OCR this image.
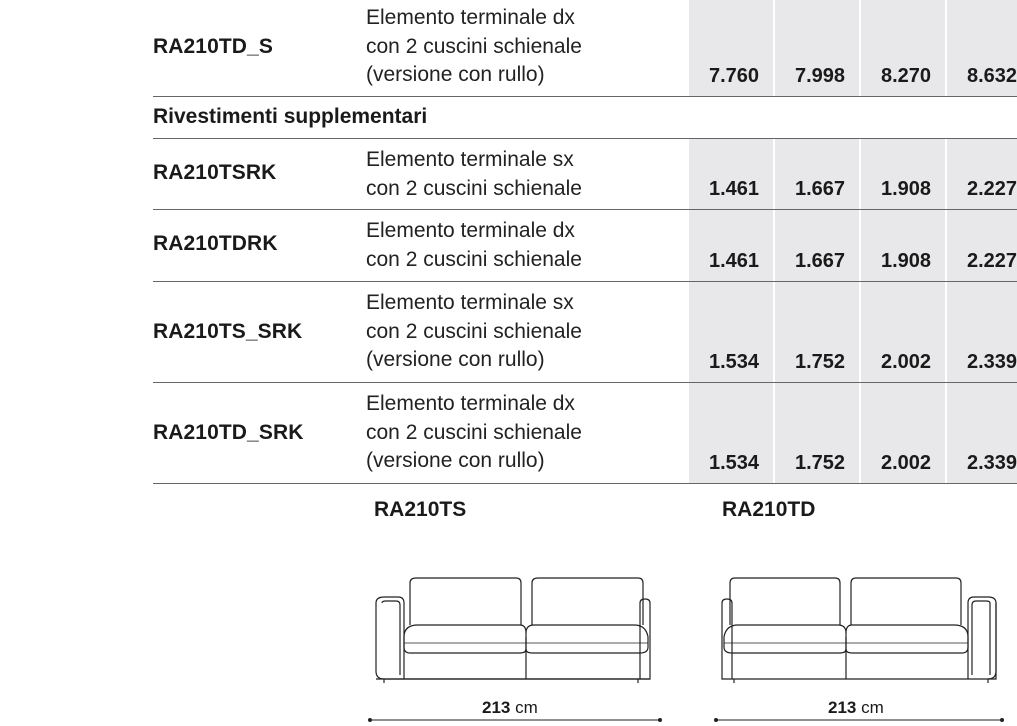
RA210TD_S
Elemento terminale dx
con 2 cuscini schienale
(versione con rullo)	7.760 7.998 8.270 8.632
Rivestimenti supplementari
RA210TSRK
Elemento terminale sx
con 2 cuscini schienale	1.461 1.667 1.908 2.227
RA210TDRK
Elemento terminale dx
con 2 cuscini schienale	1.461 1.667 1.908 2.227
RA210TS_SRK
Elemento terminale sx
con 2 cuscini schienale
(versione con rullo)	1.534 1.752 2.002 2.339
RA210TD_SRK
Elemento terminale dx
con 2 cuscini schienale
(versione con rullo)	1.534 1.752 2.002 2.339
RA210TS	RA210TD
213 cm	213 cm
